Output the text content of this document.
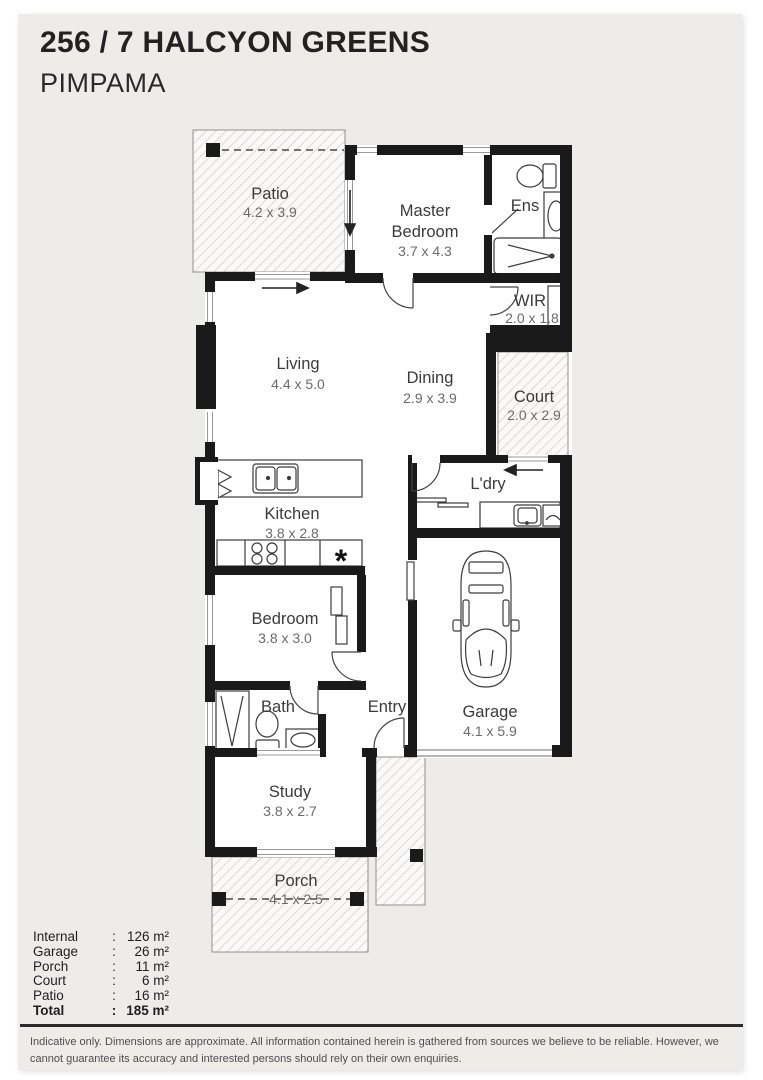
256 / 7 HALCYON GREENS
PIMPAMA
Patio
4.2 x 3.9	Master
Bedroom
3.7 x 4.3
Ens
WIR
2.0 x 1.8
Living
4.4 x 5.0	Dining
2.9 x 3.9	Court
2.0 x 2.9
Kitchen
3.8 x 2.8
L'dry
Bedroom
3.8 x 3.0
Bath	Entry	Garage
4.1 x 5.9
Study
3.8 x 2.7
Porch
4.1 x 2.5
*
Internal	: 126 m²
Garage	:	26 m²
Porch	:	11 m²
Court	:	6 m²
Patio	:	16 m²
Total	: 185 m²
Indicative only. Dimensions are approximate. All information contained herein is gathered from sources we believe to be reliable. However, we cannot guarantee its accuracy and interested persons should rely on their own enquiries.
